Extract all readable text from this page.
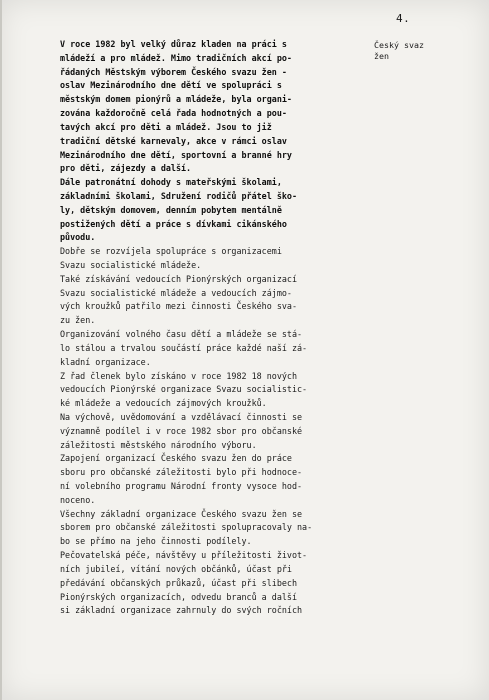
4.
Český svaz
žen
V roce 1982 byl velký důraz kladen na práci s
mládeží a pro mládež. Mimo tradičních akcí po-
řádaných Městským výborem Českého svazu žen -
oslav Mezinárodního dne dětí ve spolupráci s
městským domem pionýrů a mládeže, byla organi-
zována každoročně celá řada hodnotných a pou-
tavých akcí pro děti a mládež. Jsou to již
tradiční dětské karnevaly, akce v rámci oslav
Mezinárodního dne dětí, sportovní a branné hry
pro děti, zájezdy a další.
Dále patronátní dohody s mateřskými školami,
základními školami, Sdružení rodičů přátel ško-
ly, dětským domovem, denním pobytem mentálně
postižených dětí a práce s dívkami cikánského
původu.
Dobře se rozvíjela spolupráce s organizacemi
Svazu socialistické mládeže.
Také získávání vedoucích Pionýrských organizací
Svazu socialistické mládeže a vedoucích zájmo-
vých kroužků patřilo mezi činnosti Českého sva-
zu žen.
Organizování volného času dětí a mládeže se stá-
lo stálou a trvalou součástí práce každé naší zá-
kladní organizace.
Z řad členek bylo získáno v roce 1982 18 nových
vedoucích Pionýrské organizace Svazu socialistic-
ké mládeže a vedoucích zájmových kroužků.
Na výchově, uvědomování a vzdělávací činnosti se
významně podílel i v roce 1982 sbor pro občanské
záležitosti městského národního výboru.
Zapojení organizací Českého svazu žen do práce
sboru pro občanské záležitosti bylo při hodnoce-
ní volebního programu Národní fronty vysoce hod-
noceno.
Všechny základní organizace Českého svazu žen se
sborem pro občanské záležitosti spolupracovaly na-
bo se přímo na jeho činnosti podílely.
Pečovatelská péče, návštěvy u příležitosti život-
ních jubileí, vítání nových občánků, účast při
předávání občanských průkazů, účast při slibech
Pionýrských organizacích, odvedu branců a další
si základní organizace zahrnuly do svých ročních
